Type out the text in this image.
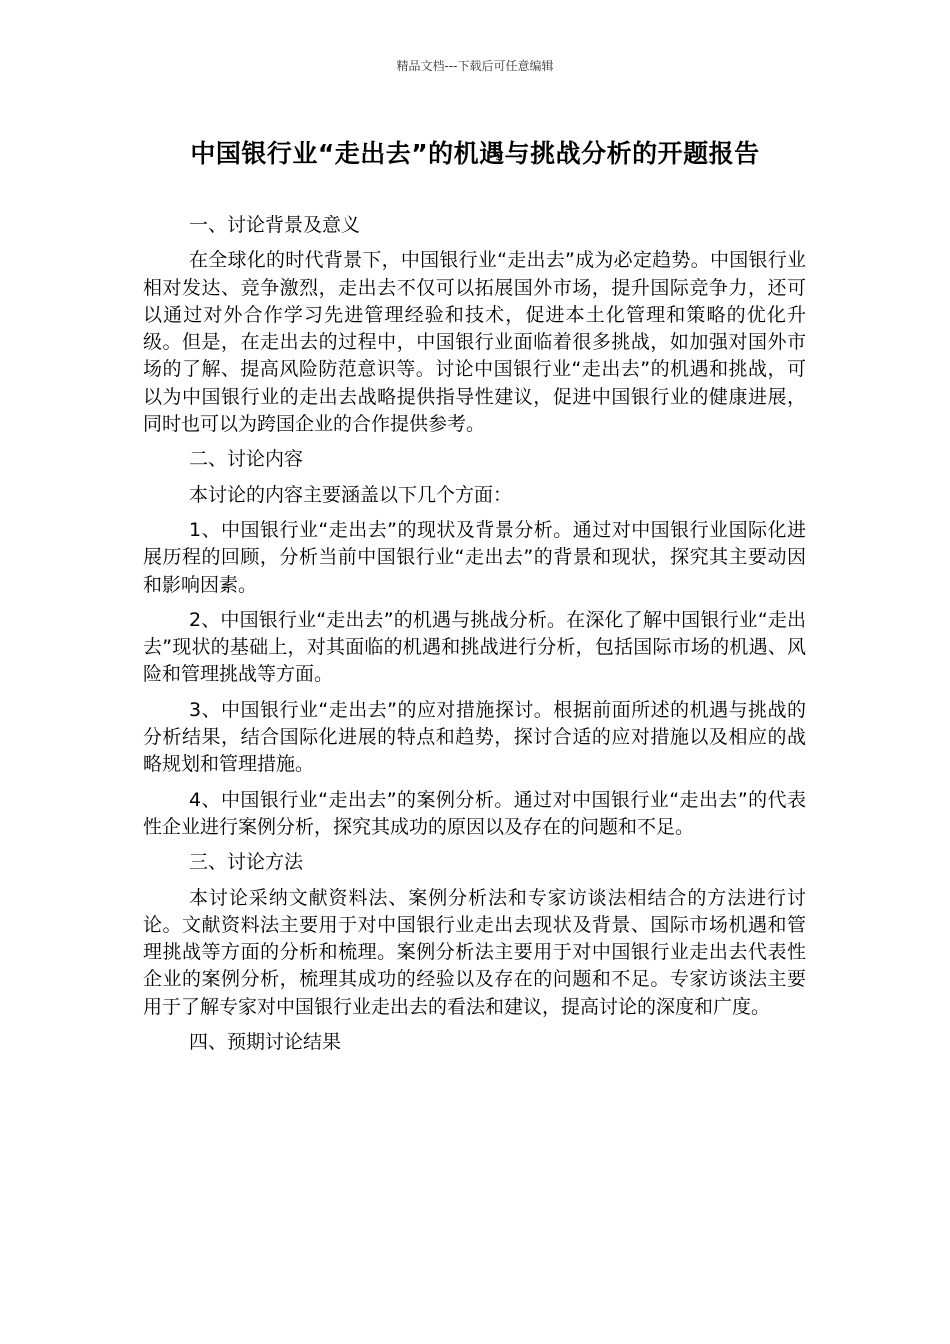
精品文档---下载后可任意编辑
中国银行业“走出去”的机遇与挑战分析的开题报告

一、讨论背景及意义

在全球化的时代背景下，中国银行业“走出去”成为必定趋势。中国银行业相对发达、竞争激烈，走出去不仅可以拓展国外市场，提升国际竞争力，还可以通过对外合作学习先进管理经验和技术，促进本土化管理和策略的优化升级。但是，在走出去的过程中，中国银行业面临着很多挑战，如加强对国外市场的了解、提高风险防范意识等。讨论中国银行业“走出去”的机遇和挑战，可以为中国银行业的走出去战略提供指导性建议，促进中国银行业的健康进展，同时也可以为跨国企业的合作提供参考。

二、讨论内容

本讨论的内容主要涵盖以下几个方面：

1、中国银行业“走出去”的现状及背景分析。通过对中国银行业国际化进展历程的回顾，分析当前中国银行业“走出去”的背景和现状，探究其主要动因和影响因素。

2、中国银行业“走出去”的机遇与挑战分析。在深化了解中国银行业“走出去”现状的基础上，对其面临的机遇和挑战进行分析，包括国际市场的机遇、风险和管理挑战等方面。

3、中国银行业“走出去”的应对措施探讨。根据前面所述的机遇与挑战的分析结果，结合国际化进展的特点和趋势，探讨合适的应对措施以及相应的战略规划和管理措施。

4、中国银行业“走出去”的案例分析。通过对中国银行业“走出去”的代表性企业进行案例分析，探究其成功的原因以及存在的问题和不足。

三、讨论方法

本讨论采纳文献资料法、案例分析法和专家访谈法相结合的方法进行讨论。文献资料法主要用于对中国银行业走出去现状及背景、国际市场机遇和管理挑战等方面的分析和梳理。案例分析法主要用于对中国银行业走出去代表性企业的案例分析，梳理其成功的经验以及存在的问题和不足。专家访谈法主要用于了解专家对中国银行业走出去的看法和建议，提高讨论的深度和广度。

四、预期讨论结果
